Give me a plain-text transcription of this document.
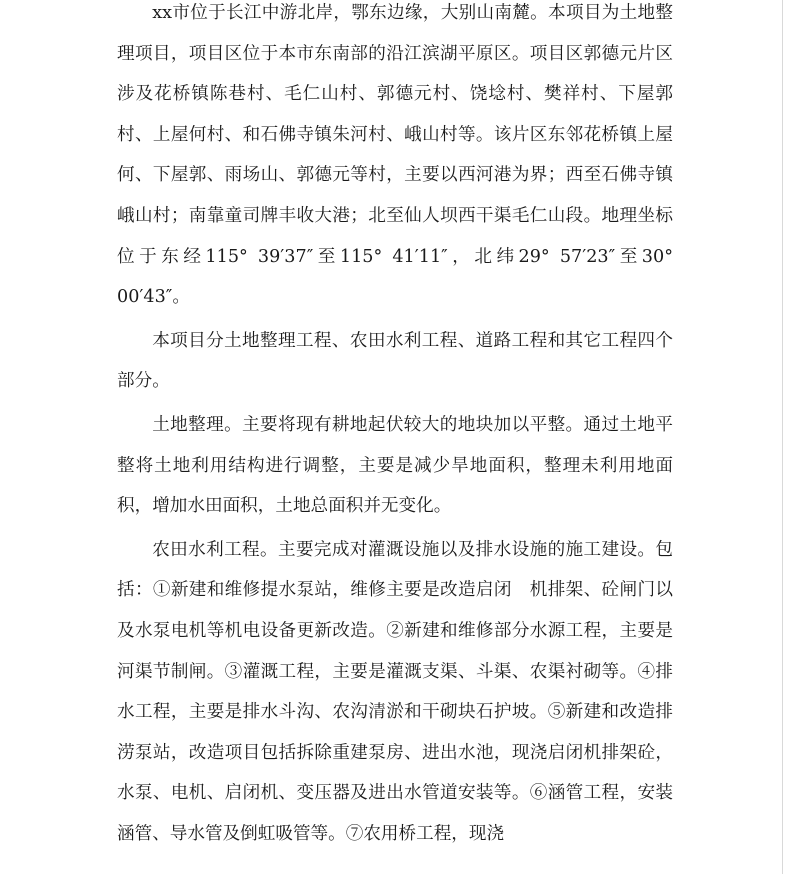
xx市位于长江中游北岸，鄂东边缘，大别山南麓。本项目为土地整理项目，项目区位于本市东南部的沿江滨湖平原区。项目区郭德元片区涉及花桥镇陈巷村、毛仁山村、郭德元村、饶埝村、樊祥村、下屋郭村、上屋何村、和石佛寺镇朱河村、峨山村等。该片区东邻花桥镇上屋何、下屋郭、雨场山、郭德元等村，主要以西河港为界；西至石佛寺镇峨山村；南靠童司牌丰收大港；北至仙人坝西干渠毛仁山段。地理坐标位于东经115° 39′37″至115° 41′11″，北纬29° 57′23″至30° 00′43″。

本项目分土地整理工程、农田水利工程、道路工程和其它工程四个部分。

土地整理。主要将现有耕地起伏较大的地块加以平整。通过土地平整将土地利用结构进行调整，主要是减少旱地面积，整理未利用地面积，增加水田面积，土地总面积并无变化。

农田水利工程。主要完成对灌溉设施以及排水设施的施工建设。包括：①新建和维修提水泵站，维修主要是改造启闭　机排架、砼闸门以及水泵电机等机电设备更新改造。②新建和维修部分水源工程，主要是河渠节制闸。③灌溉工程，主要是灌溉支渠、斗渠、农渠衬砌等。④排水工程，主要是排水斗沟、农沟清淤和干砌块石护坡。⑤新建和改造排涝泵站，改造项目包括拆除重建泵房、进出水池，现浇启闭机排架砼，水泵、电机、启闭机、变压器及进出水管道安装等。⑥涵管工程，安装涵管、导水管及倒虹吸管等。⑦农用桥工程，现浇
